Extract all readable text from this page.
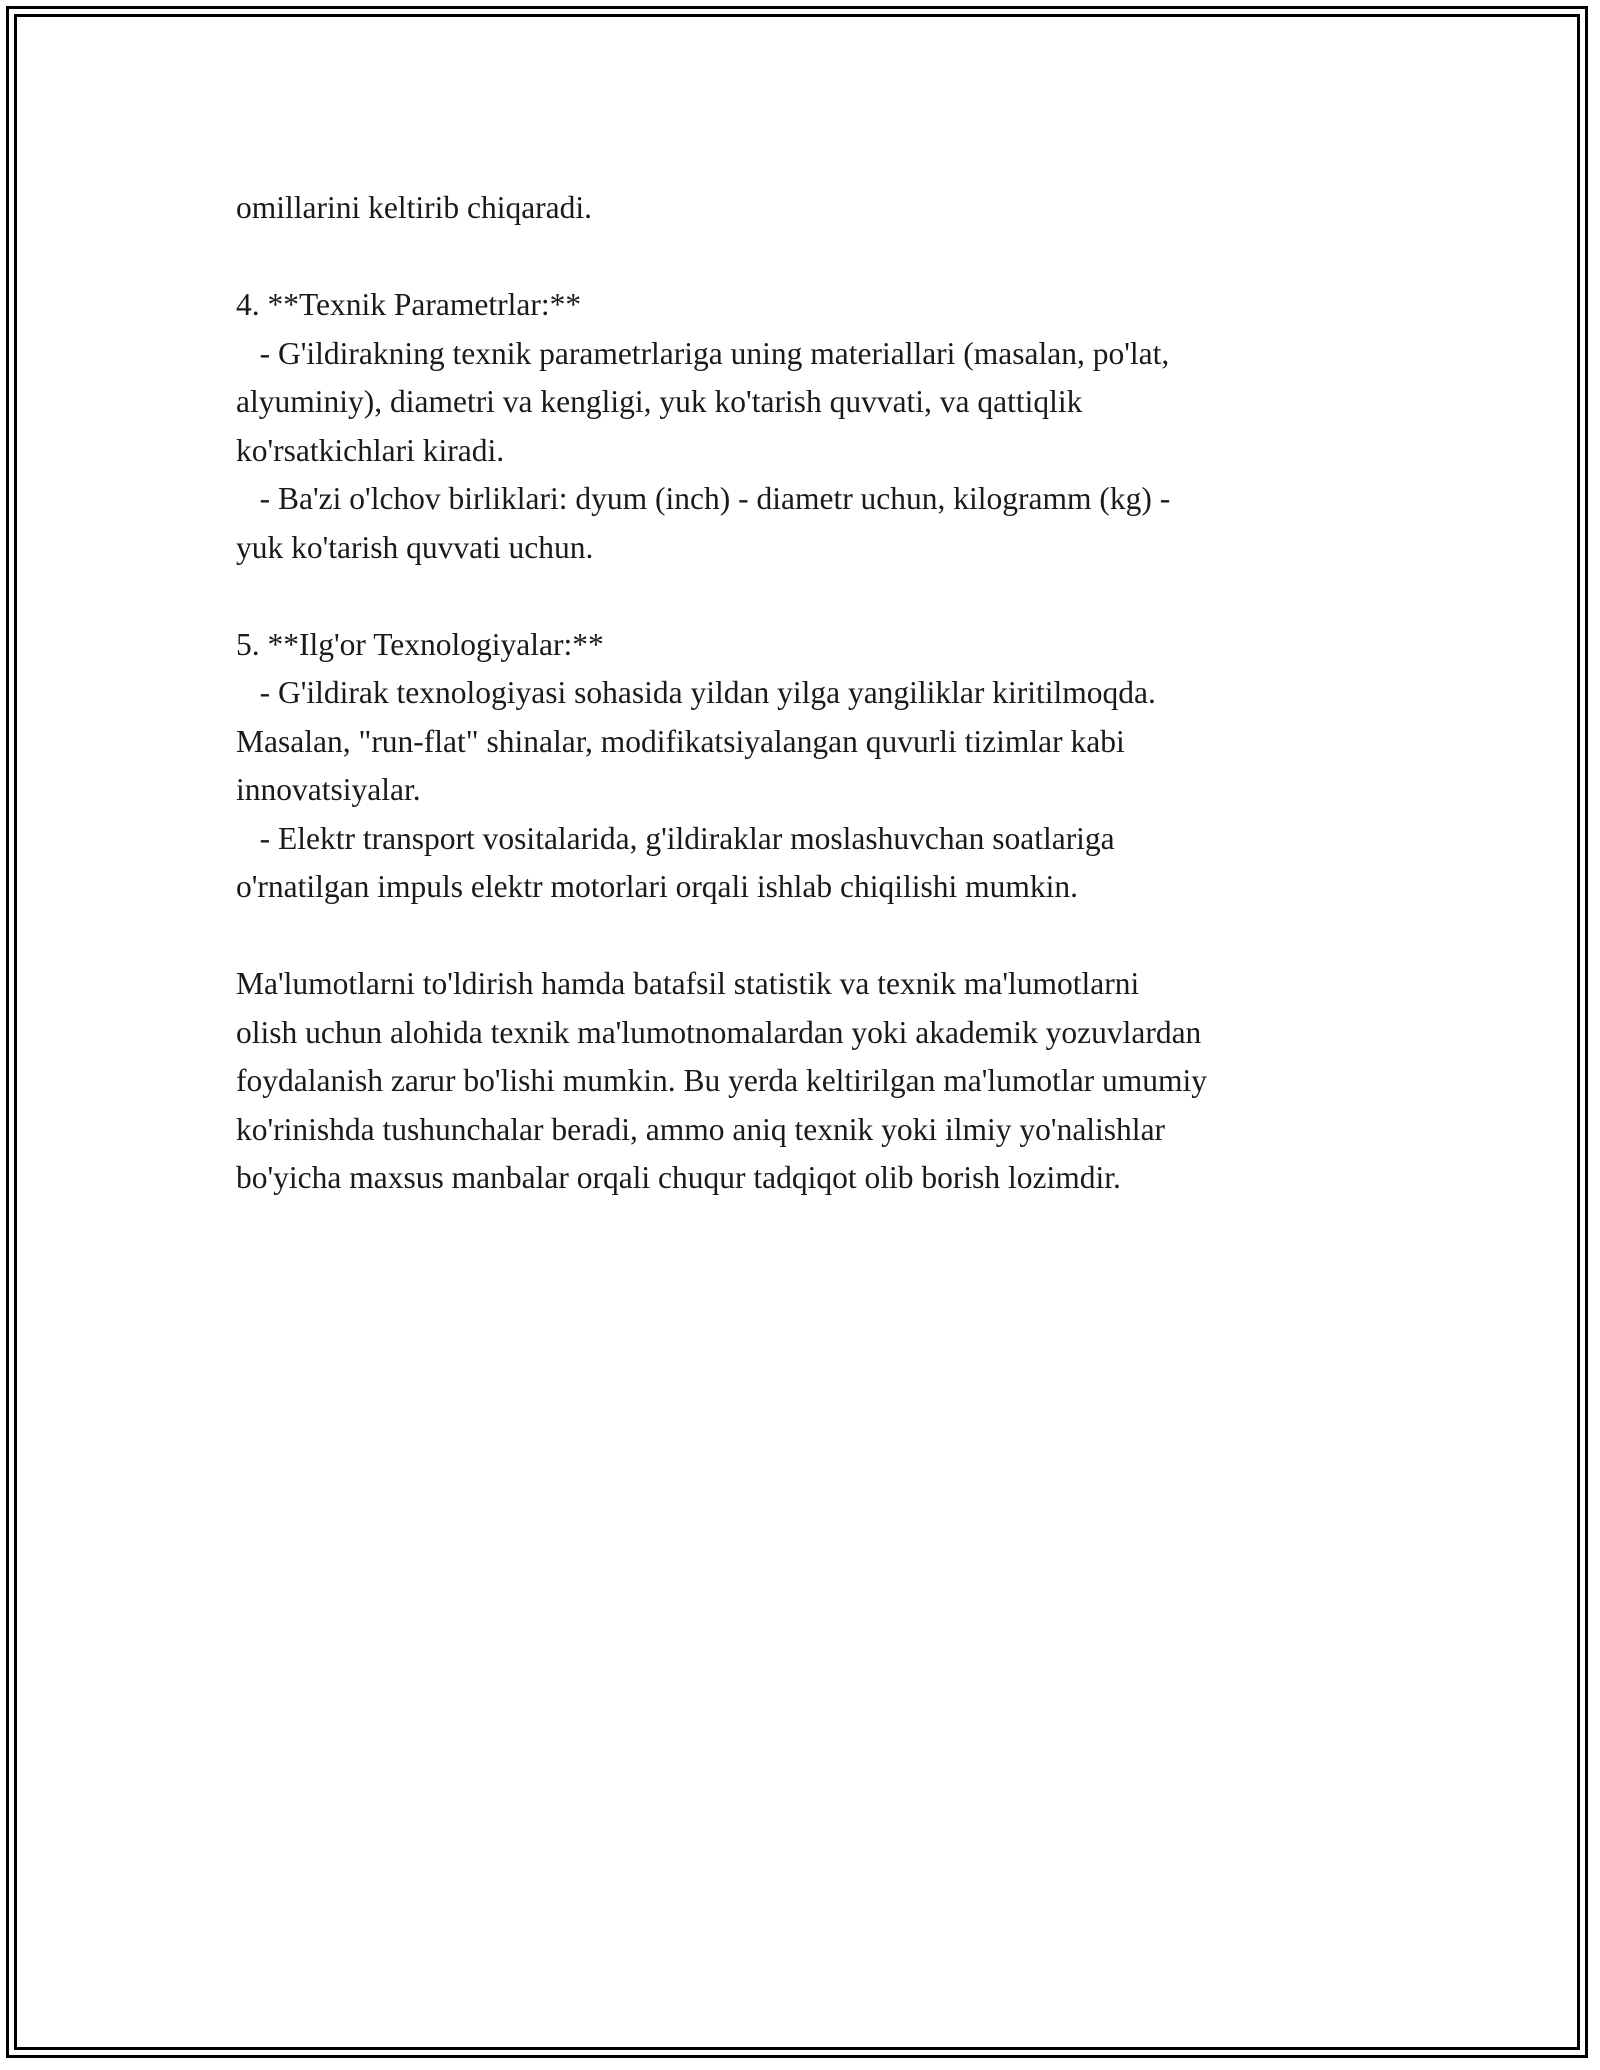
omillarini keltirib chiqaradi.
4. **Texnik Parametrlar:**
- G'ildirakning texnik parametrlariga uning materiallari (masalan, po'lat,
alyuminiy), diametri va kengligi, yuk ko'tarish quvvati, va qattiqlik
ko'rsatkichlari kiradi.
- Ba'zi o'lchov birliklari: dyum (inch) - diametr uchun, kilogramm (kg) -
yuk ko'tarish quvvati uchun.
5. **Ilg'or Texnologiyalar:**
- G'ildirak texnologiyasi sohasida yildan yilga yangiliklar kiritilmoqda.
Masalan, "run-flat" shinalar, modifikatsiyalangan quvurli tizimlar kabi
innovatsiyalar.
- Elektr transport vositalarida, g'ildiraklar moslashuvchan soatlariga
o'rnatilgan impuls elektr motorlari orqali ishlab chiqilishi mumkin.
Ma'lumotlarni to'ldirish hamda batafsil statistik va texnik ma'lumotlarni
olish uchun alohida texnik ma'lumotnomalardan yoki akademik yozuvlardan
foydalanish zarur bo'lishi mumkin. Bu yerda keltirilgan ma'lumotlar umumiy
ko'rinishda tushunchalar beradi, ammo aniq texnik yoki ilmiy yo'nalishlar
bo'yicha maxsus manbalar orqali chuqur tadqiqot olib borish lozimdir.
